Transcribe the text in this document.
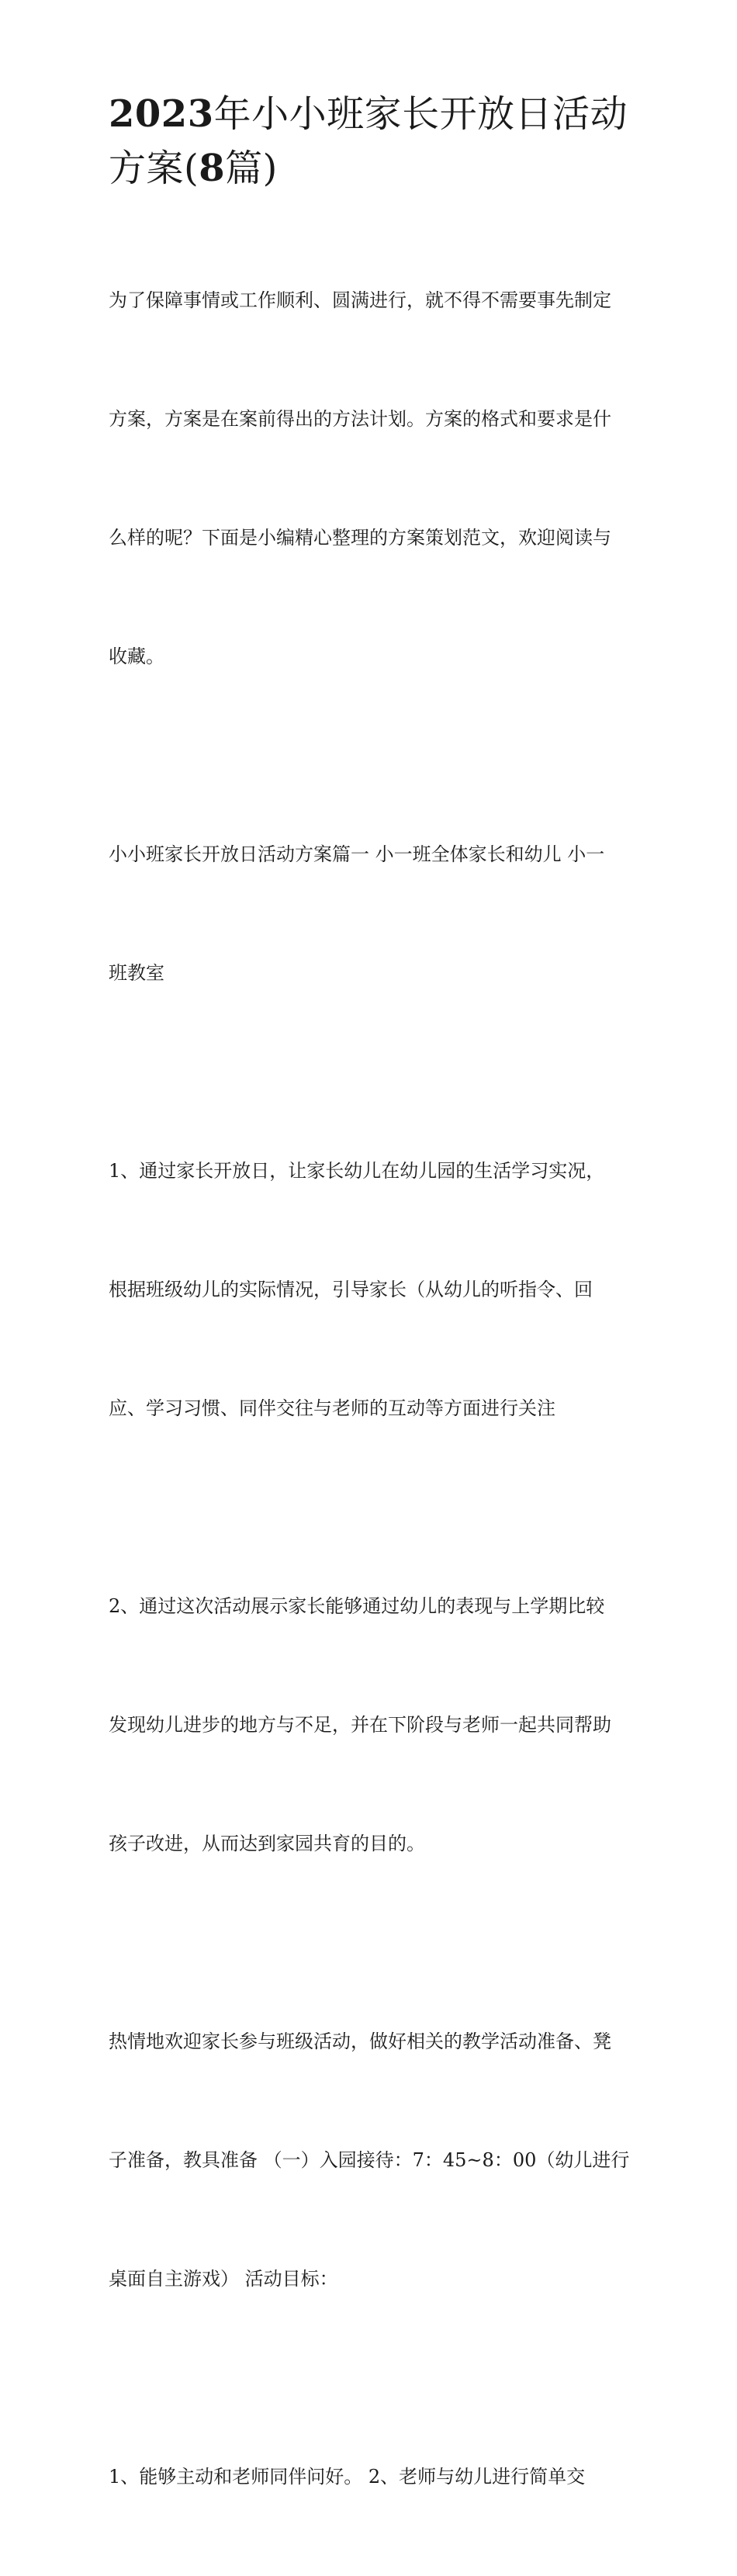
2023年小小班家长开放日活动
方案(8篇)

为了保障事情或工作顺利、圆满进行，就不得不需要事先制定

方案，方案是在案前得出的方法计划。方案的格式和要求是什

么样的呢？下面是小编精心整理的方案策划范文，欢迎阅读与

收藏。

小小班家长开放日活动方案篇一 小一班全体家长和幼儿 小一

班教室

1、通过家长开放日，让家长幼儿在幼儿园的生活学习实况，

根据班级幼儿的实际情况，引导家长（从幼儿的听指令、回

应、学习习惯、同伴交往与老师的互动等方面进行关注

2、通过这次活动展示家长能够通过幼儿的表现与上学期比较

发现幼儿进步的地方与不足，并在下阶段与老师一起共同帮助

孩子改进，从而达到家园共育的目的。

热情地欢迎家长参与班级活动，做好相关的教学活动准备、凳

子准备，教具准备 （一）入园接待：7：45~8：00（幼儿进行

桌面自主游戏） 活动目标：

1、能够主动和老师同伴问好。 2、老师与幼儿进行简单交
